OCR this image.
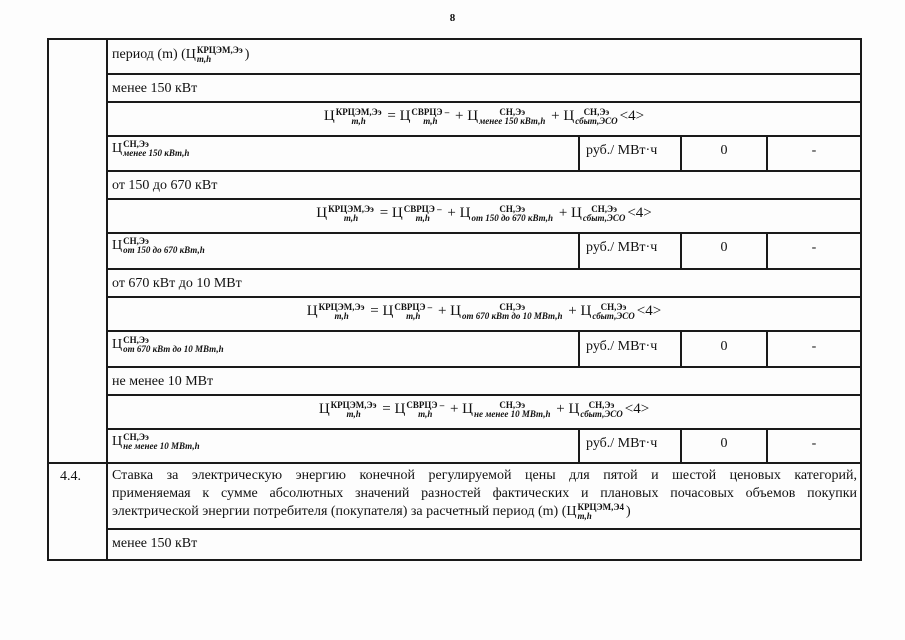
8
период (m) (Ц КРЦЭМ,Ээ
m,h	)
менее 150 кВт
Ц КРЦЭМ,Ээ
m,h	= Ц СВРЦЭ –
m,h + Ц	СН,Ээ
менее 150 кВт,h + Ц	СН,Ээ
сбыт,ЭСО <4>
Ц СН,Ээ
менее 150 кВт,h	руб./ МВт·ч	0	-
от 150 до 670 кВт
Ц КРЦЭМ,Ээ
m,h	= Ц СВРЦЭ –
m,h + Ц	СН,Ээ
от 150 до 670 кВт,h + Ц	СН,Ээ
сбыт,ЭСО <4>
Ц СН,Ээ
от 150 до 670 кВт,h	руб./ МВт·ч	0	-
от 670 кВт до 10 МВт
Ц КРЦЭМ,Ээ
m,h	= Ц СВРЦЭ –
m,h + Ц	СН,Ээ
от 670 кВт до 10 МВт,h + Ц	СН,Ээ
сбыт,ЭСО <4>
Ц СН,Ээ
от 670 кВт до 10 МВт,h	руб./ МВт·ч	0	-
не менее 10 МВт
Ц КРЦЭМ,Ээ
m,h	= Ц СВРЦЭ –
m,h + Ц	СН,Ээ
не менее 10 МВт,h + Ц	СН,Ээ
сбыт,ЭСО <4>
Ц СН,Ээ
не менее 10 МВт,h	руб./ МВт·ч	0	-
4.4. Ставка за электрическую энергию конечной регулируемой цены для пятой и шестой ценовых категорий,
применяемая к сумме абсолютных значений разностей фактических и плановых почасовых объемов покупки
электрической энергии потребителя (покупателя) за расчетный период (m) (Ц КРЦЭМ,Э4
m,h	)
менее 150 кВт
